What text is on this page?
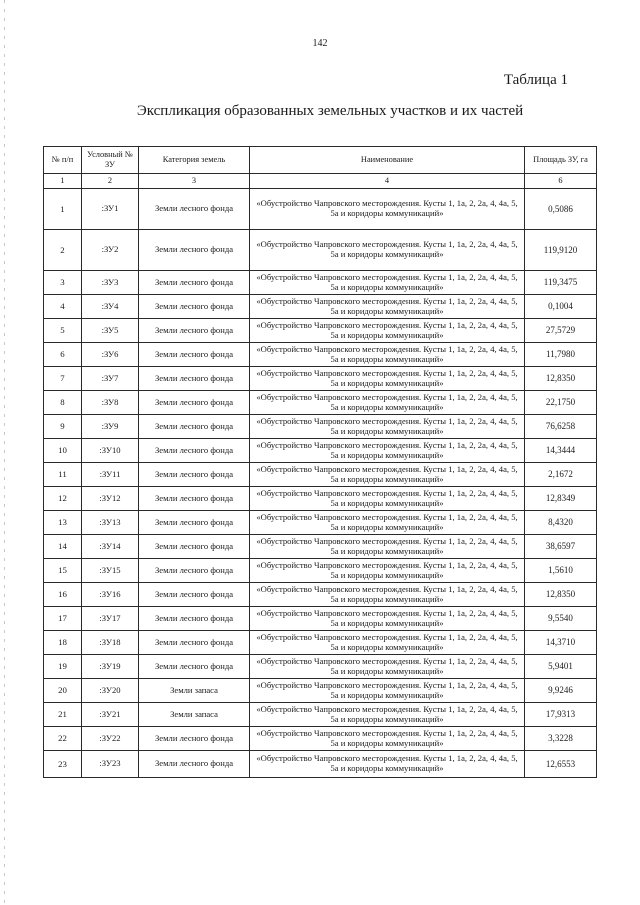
142
Таблица 1
Экспликация образованных земельных участков и их частей
№ п/п	Условный № ЗУ	Категория земель	Наименование	Площадь ЗУ, га
1	2	3	4	6
1	:ЗУ1	Земли лесного фонда	«Обустройство Чапровского месторождения. Кусты 1, 1а, 2, 2а, 4, 4а, 5, 5а и коридоры коммуникаций»	0,5086
2	:ЗУ2	Земли лесного фонда	«Обустройство Чапровского месторождения. Кусты 1, 1а, 2, 2а, 4, 4а, 5, 5а и коридоры коммуникаций»	119,9120
3	:ЗУ3	Земли лесного фонда	«Обустройство Чапровского месторождения. Кусты 1, 1а, 2, 2а, 4, 4а, 5, 5а и коридоры коммуникаций»	119,3475
4	:ЗУ4	Земли лесного фонда	«Обустройство Чапровского месторождения. Кусты 1, 1а, 2, 2а, 4, 4а, 5, 5а и коридоры коммуникаций»	0,1004
5	:ЗУ5	Земли лесного фонда	«Обустройство Чапровского месторождения. Кусты 1, 1а, 2, 2а, 4, 4а, 5, 5а и коридоры коммуникаций»	27,5729
6	:ЗУ6	Земли лесного фонда	«Обустройство Чапровского месторождения. Кусты 1, 1а, 2, 2а, 4, 4а, 5, 5а и коридоры коммуникаций»	11,7980
7	:ЗУ7	Земли лесного фонда	«Обустройство Чапровского месторождения. Кусты 1, 1а, 2, 2а, 4, 4а, 5, 5а и коридоры коммуникаций»	12,8350
8	:ЗУ8	Земли лесного фонда	«Обустройство Чапровского месторождения. Кусты 1, 1а, 2, 2а, 4, 4а, 5, 5а и коридоры коммуникаций»	22,1750
9	:ЗУ9	Земли лесного фонда	«Обустройство Чапровского месторождения. Кусты 1, 1а, 2, 2а, 4, 4а, 5, 5а и коридоры коммуникаций»	76,6258
10	:ЗУ10	Земли лесного фонда	«Обустройство Чапровского месторождения. Кусты 1, 1а, 2, 2а, 4, 4а, 5, 5а и коридоры коммуникаций»	14,3444
11	:ЗУ11	Земли лесного фонда	«Обустройство Чапровского месторождения. Кусты 1, 1а, 2, 2а, 4, 4а, 5, 5а и коридоры коммуникаций»	2,1672
12	:ЗУ12	Земли лесного фонда	«Обустройство Чапровского месторождения. Кусты 1, 1а, 2, 2а, 4, 4а, 5, 5а и коридоры коммуникаций»	12,8349
13	:ЗУ13	Земли лесного фонда	«Обустройство Чапровского месторождения. Кусты 1, 1а, 2, 2а, 4, 4а, 5, 5а и коридоры коммуникаций»	8,4320
14	:ЗУ14	Земли лесного фонда	«Обустройство Чапровского месторождения. Кусты 1, 1а, 2, 2а, 4, 4а, 5, 5а и коридоры коммуникаций»	38,6597
15	:ЗУ15	Земли лесного фонда	«Обустройство Чапровского месторождения. Кусты 1, 1а, 2, 2а, 4, 4а, 5, 5а и коридоры коммуникаций»	1,5610
16	:ЗУ16	Земли лесного фонда	«Обустройство Чапровского месторождения. Кусты 1, 1а, 2, 2а, 4, 4а, 5, 5а и коридоры коммуникаций»	12,8350
17	:ЗУ17	Земли лесного фонда	«Обустройство Чапровского месторождения. Кусты 1, 1а, 2, 2а, 4, 4а, 5, 5а и коридоры коммуникаций»	9,5540
18	:ЗУ18	Земли лесного фонда	«Обустройство Чапровского месторождения. Кусты 1, 1а, 2, 2а, 4, 4а, 5, 5а и коридоры коммуникаций»	14,3710
19	:ЗУ19	Земли лесного фонда	«Обустройство Чапровского месторождения. Кусты 1, 1а, 2, 2а, 4, 4а, 5, 5а и коридоры коммуникаций»	5,9401
20	:ЗУ20	Земли запаса	«Обустройство Чапровского месторождения. Кусты 1, 1а, 2, 2а, 4, 4а, 5, 5а и коридоры коммуникаций»	9,9246
21	:ЗУ21	Земли запаса	«Обустройство Чапровского месторождения. Кусты 1, 1а, 2, 2а, 4, 4а, 5, 5а и коридоры коммуникаций»	17,9313
22	:ЗУ22	Земли лесного фонда	«Обустройство Чапровского месторождения. Кусты 1, 1а, 2, 2а, 4, 4а, 5, 5а и коридоры коммуникаций»	3,3228
23	:ЗУ23	Земли лесного фонда	«Обустройство Чапровского месторождения. Кусты 1, 1а, 2, 2а, 4, 4а, 5, 5а и коридоры коммуникаций»	12,6553
